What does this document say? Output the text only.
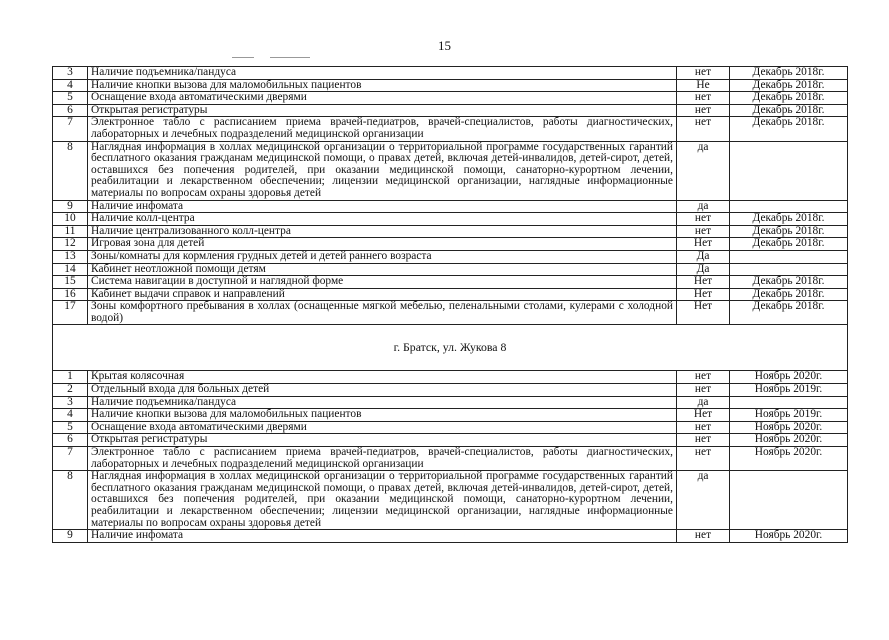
15
3	Наличие подъемника/пандуса	нет	Декабрь 2018г.
4	Наличие кнопки вызова для маломобильных пациентов	Не	Декабрь 2018г.
5	Оснащение входа автоматическими дверями	нет	Декабрь 2018г.
6	Открытая регистратуры	нет	Декабрь 2018г.
7	Электронное табло с расписанием приема врачей-педиатров, врачей-специалистов, работы диагностических, лабораторных и лечебных подразделений медицинской организации	нет	Декабрь 2018г.
8	Наглядная информация в холлах медицинской организации о территориальной программе государственных гарантий бесплатного оказания гражданам медицинской помощи, о правах детей, включая детей-инвалидов, детей-сирот, детей, оставшихся без попечения родителей, при оказании медицинской помощи, санаторно-курортном лечении, реабилитации и лекарственном обеспечении; лицензии медицинской организации, наглядные информационные материалы по вопросам охраны здоровья детей	да	
9	Наличие инфомата	да	
10	Наличие колл-центра	нет	Декабрь 2018г.
11	Наличие централизованного колл-центра	нет	Декабрь 2018г.
12	Игровая зона для детей	Нет	Декабрь 2018г.
13	Зоны/комнаты для кормления грудных детей и детей раннего возраста	Да	
14	Кабинет неотложной помощи детям	Да	
15	Система навигации в доступной и наглядной форме	Нет	Декабрь 2018г.
16	Кабинет выдачи справок и направлений	Нет	Декабрь 2018г.
17	Зоны комфортного пребывания в холлах (оснащенные мягкой мебелью, пеленальными столами, кулерами с холодной водой)	Нет	Декабрь 2018г.
г. Братск, ул. Жукова 8			
1	Крытая колясочная	нет	Ноябрь 2020г.
2	Отдельный входа для больных детей	нет	Ноябрь 2019г.
3	Наличие подъемника/пандуса	да	
4	Наличие кнопки вызова для маломобильных пациентов	Нет	Ноябрь 2019г.
5	Оснащение входа автоматическими дверями	нет	Ноябрь 2020г.
6	Открытая регистратуры	нет	Ноябрь 2020г.
7	Электронное табло с расписанием приема врачей-педиатров, врачей-специалистов, работы диагностических, лабораторных и лечебных подразделений медицинской организации	нет	Ноябрь 2020г.
8	Наглядная информация в холлах медицинской организации о территориальной программе государственных гарантий бесплатного оказания гражданам медицинской помощи, о правах детей, включая детей-инвалидов, детей-сирот, детей, оставшихся без попечения родителей, при оказании медицинской помощи, санаторно-курортном лечении, реабилитации и лекарственном обеспечении; лицензии медицинской организации, наглядные информационные материалы по вопросам охраны здоровья детей	да	
9	Наличие инфомата	нет	Ноябрь 2020г.
